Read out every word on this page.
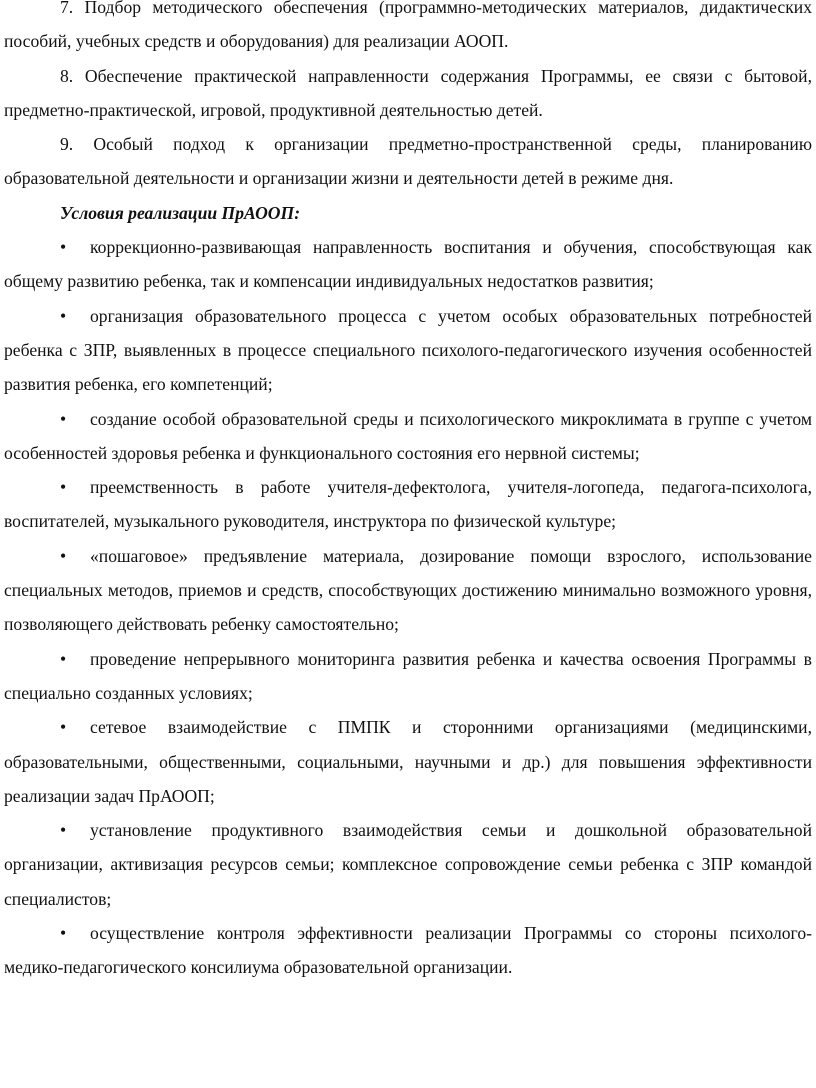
7. Подбор методического обеспечения (программно-методических материалов, дидактических пособий, учебных средств и оборудования) для реализации АООП.

8. Обеспечение практической направленности содержания Программы, ее связи с бытовой, предметно-практической, игровой, продуктивной деятельностью детей.

9. Особый подход к организации предметно-пространственной среды, планированию образовательной деятельности и организации жизни и деятельности детей в режиме дня.

Условия реализации ПрАООП:

• коррекционно-развивающая направленность воспитания и обучения, способствующая как общему развитию ребенка, так и компенсации индивидуальных недостатков развития;

• организация образовательного процесса с учетом особых образовательных потребностей ребенка с ЗПР, выявленных в процессе специального психолого-педагогического изучения особенностей развития ребенка, его компетенций;

• создание особой образовательной среды и психологического микроклимата в группе с учетом особенностей здоровья ребенка и функционального состояния его нервной системы;

• преемственность в работе учителя-дефектолога, учителя-логопеда, педагога-психолога, воспитателей, музыкального руководителя, инструктора по физической культуре;

• «пошаговое» предъявление материала, дозирование помощи взрослого, использование специальных методов, приемов и средств, способствующих достижению минимально возможного уровня, позволяющего действовать ребенку самостоятельно;

• проведение непрерывного мониторинга развития ребенка и качества освоения Программы в специально созданных условиях;

• сетевое взаимодействие с ПМПК и сторонними организациями (медицинскими, образовательными, общественными, социальными, научными и др.) для повышения эффективности реализации задач ПрАООП;

• установление продуктивного взаимодействия семьи и дошкольной образовательной организации, активизация ресурсов семьи; комплексное сопровождение семьи ребенка с ЗПР командой специалистов;

• осуществление контроля эффективности реализации Программы со стороны психолого-медико-педагогического консилиума образовательной организации.
